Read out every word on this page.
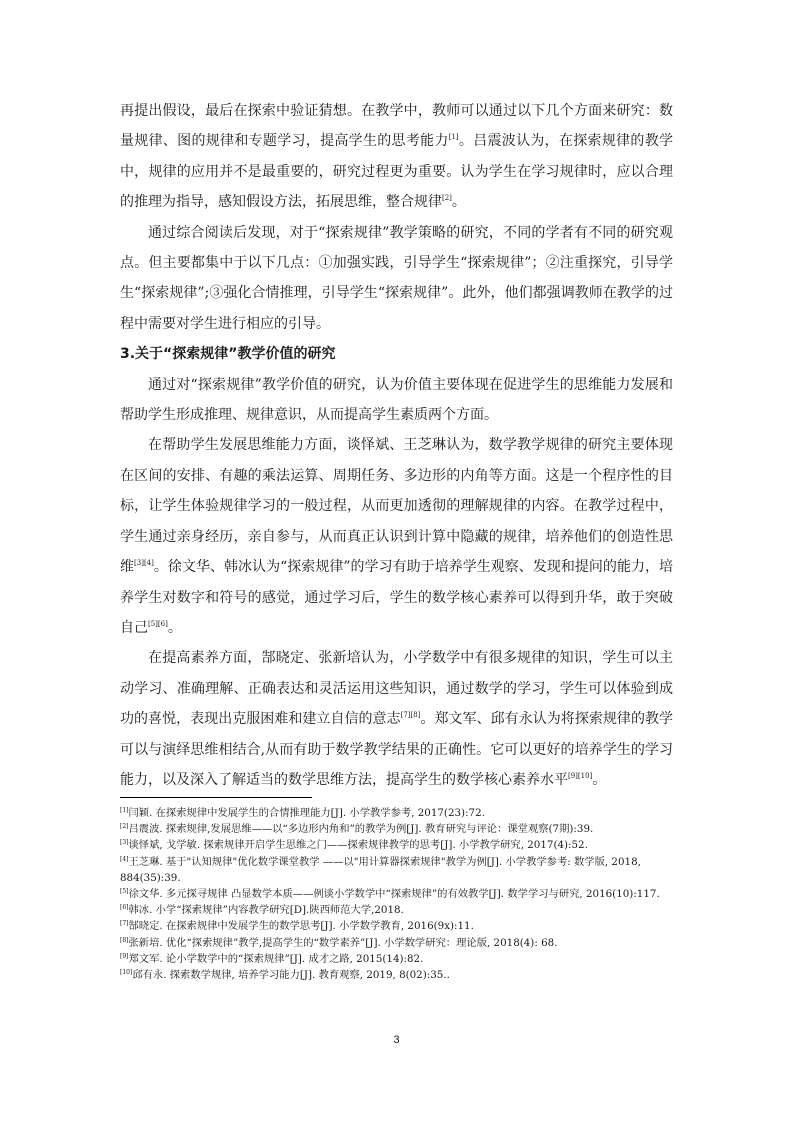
再提出假设，最后在探索中验证猜想。在教学中，教师可以通过以下几个方面来研究：数量规律、图的规律和专题学习，提高学生的思考能力[1]。吕震波认为，在探索规律的教学中，规律的应用并不是最重要的，研究过程更为重要。认为学生在学习规律时，应以合理的推理为指导，感知假设方法，拓展思维，整合规律[2]。

通过综合阅读后发现，对于“探索规律”教学策略的研究，不同的学者有不同的研究观点。但主要都集中于以下几点：①加强实践，引导学生“探索规律”；②注重探究，引导学生“探索规律”;③强化合情推理，引导学生“探索规律”。此外，他们都强调教师在教学的过程中需要对学生进行相应的引导。

3.关于“探索规律”教学价值的研究

通过对“探索规律”教学价值的研究，认为价值主要体现在促进学生的思维能力发展和帮助学生形成推理、规律意识，从而提高学生素质两个方面。

在帮助学生发展思维能力方面，谈怿斌、王芝琳认为，数学教学规律的研究主要体现在区间的安排、有趣的乘法运算、周期任务、多边形的内角等方面。这是一个程序性的目标，让学生体验规律学习的一般过程，从而更加透彻的理解规律的内容。在教学过程中，学生通过亲身经历，亲自参与，从而真正认识到计算中隐藏的规律，培养他们的创造性思维[3][4]。徐文华、韩冰认为“探索规律”的学习有助于培养学生观察、发现和提问的能力，培养学生对数字和符号的感觉，通过学习后，学生的数学核心素养可以得到升华，敢于突破自己[5][6]。

在提高素养方面，郜晓定、张新培认为，小学数学中有很多规律的知识，学生可以主动学习、准确理解、正确表达和灵活运用这些知识，通过数学的学习，学生可以体验到成功的喜悦，表现出克服困难和建立自信的意志[7][8]。郑文军、邱有永认为将探索规律的教学可以与演绎思维相结合,从而有助于数学教学结果的正确性。它可以更好的培养学生的学习能力，以及深入了解适当的数学思维方法，提高学生的数学核心素养水平[9][10]。

[1]闫颖. 在探索规律中发展学生的合情推理能力[J]. 小学教学参考, 2017(23):72.

[2]吕震波. 探索规律,发展思维——以“多边形内角和”的教学为例[J]. 教育研究与评论：课堂观察(7期):39.

[3]谈怿斌, 戈学敏. 探索规律开启学生思维之门——探索规律教学的思考[J]. 小学教学研究, 2017(4):52.

[4]王芝琳. 基于"认知规律"优化数学课堂教学 ——以"用计算器探索规律"教学为例[J]. 小学教学参考: 数学版, 2018, 884(35):39.

[5]徐文华. 多元探寻规律 凸显数学本质——例谈小学数学中“探索规律”的有效教学[J]. 数学学习与研究, 2016(10):117.

[6]韩冰. 小学“探索规律”内容教学研究[D].陕西师范大学,2018.

[7]郜晓定. 在探索规律中发展学生的数学思考[J]. 小学数学教育, 2016(9x):11.

[8]张新培. 优化“探索规律”教学,提高学生的“数学素养”[J]. 小学数学研究：理论版, 2018(4): 68.

[9]郑文军. 论小学数学中的“探索规律”[J]. 成才之路, 2015(14):82.

[10]邱有永. 探索数学规律, 培养学习能力[J]. 教育观察, 2019, 8(02):35..

3
